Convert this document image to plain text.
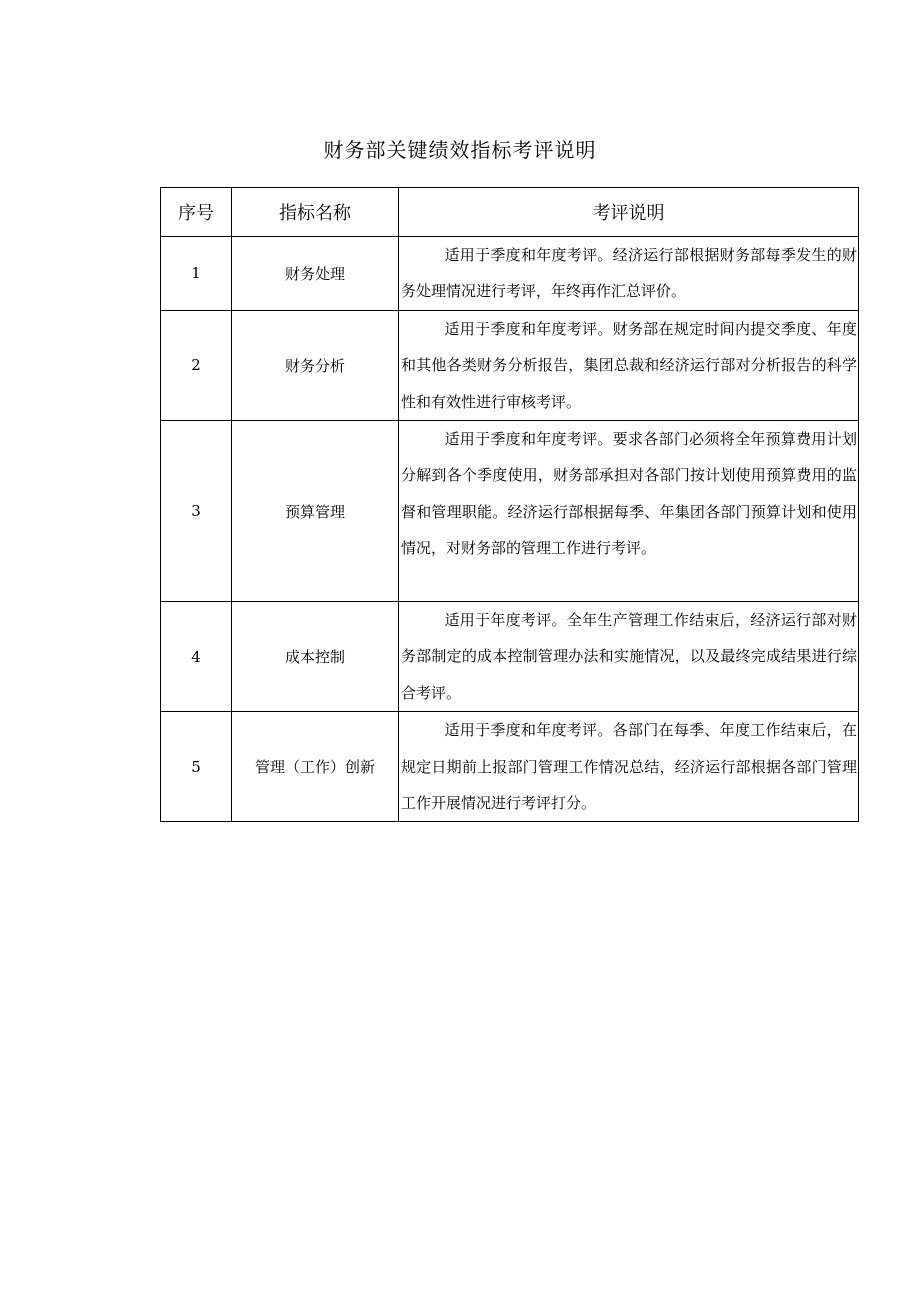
财务部关键绩效指标考评说明
序号	指标名称	考评说明
1	财务处理	适用于季度和年度考评。经济运行部根据财务部每季发生的财务处理情况进行考评，年终再作汇总评价。
2	财务分析	适用于季度和年度考评。财务部在规定时间内提交季度、年度和其他各类财务分析报告，集团总裁和经济运行部对分析报告的科学性和有效性进行审核考评。
3	预算管理	适用于季度和年度考评。要求各部门必须将全年预算费用计划分解到各个季度使用，财务部承担对各部门按计划使用预算费用的监督和管理职能。经济运行部根据每季、年集团各部门预算计划和使用情况，对财务部的管理工作进行考评。
4	成本控制	适用于年度考评。全年生产管理工作结束后，经济运行部对财务部制定的成本控制管理办法和实施情况，以及最终完成结果进行综合考评。
5	管理（工作）创新	适用于季度和年度考评。各部门在每季、年度工作结束后，在规定日期前上报部门管理工作情况总结，经济运行部根据各部门管理工作开展情况进行考评打分。
